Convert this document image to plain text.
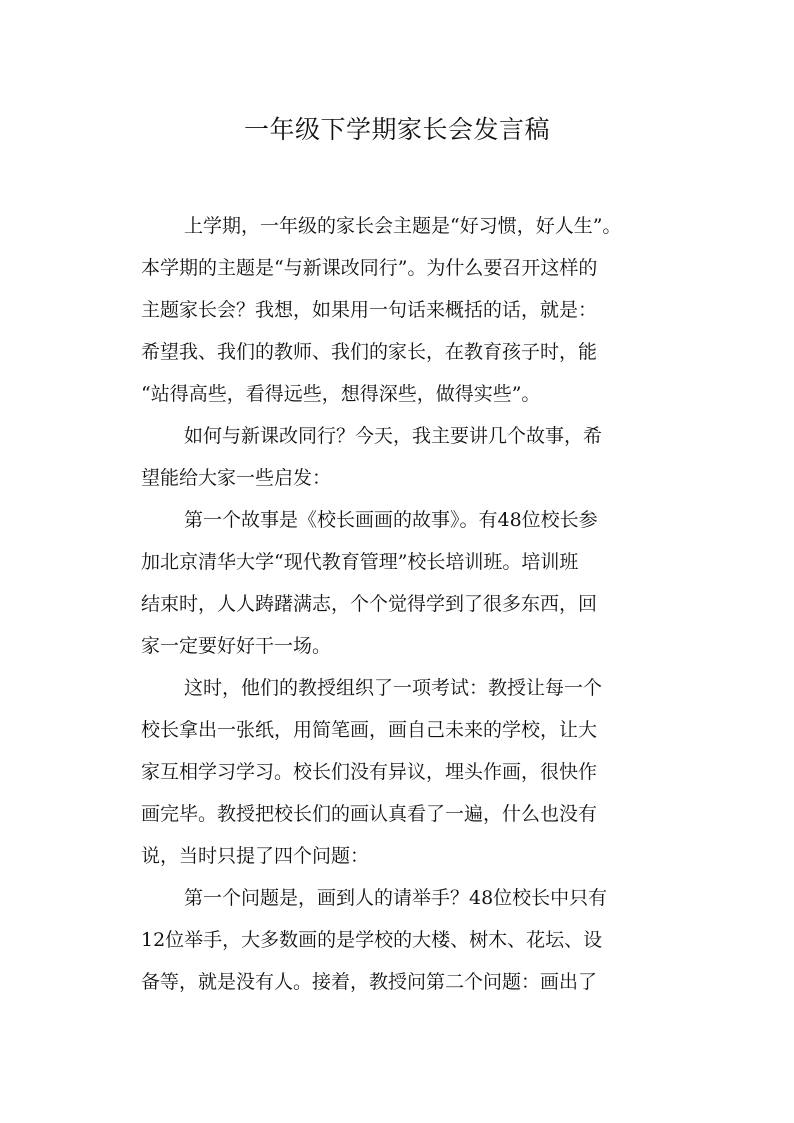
一年级下学期家长会发言稿
上学期，一年级的家长会主题是“好习惯，好人生”。
本学期的主题是“与新课改同行”。为什么要召开这样的
主题家长会？我想，如果用一句话来概括的话，就是：
希望我、我们的教师、我们的家长，在教育孩子时，能
“站得高些，看得远些，想得深些，做得实些”。
如何与新课改同行？今天，我主要讲几个故事，希
望能给大家一些启发：
第一个故事是《校长画画的故事》。有48位校长参
加北京清华大学“现代教育管理”校长培训班。培训班
结束时，人人踌躇满志，个个觉得学到了很多东西，回
家一定要好好干一场。
这时，他们的教授组织了一项考试：教授让每一个
校长拿出一张纸，用简笔画，画自己未来的学校，让大
家互相学习学习。校长们没有异议，埋头作画，很快作
画完毕。教授把校长们的画认真看了一遍，什么也没有
说，当时只提了四个问题：
第一个问题是，画到人的请举手？48位校长中只有
12位举手，大多数画的是学校的大楼、树木、花坛、设
备等，就是没有人。接着，教授问第二个问题：画出了
